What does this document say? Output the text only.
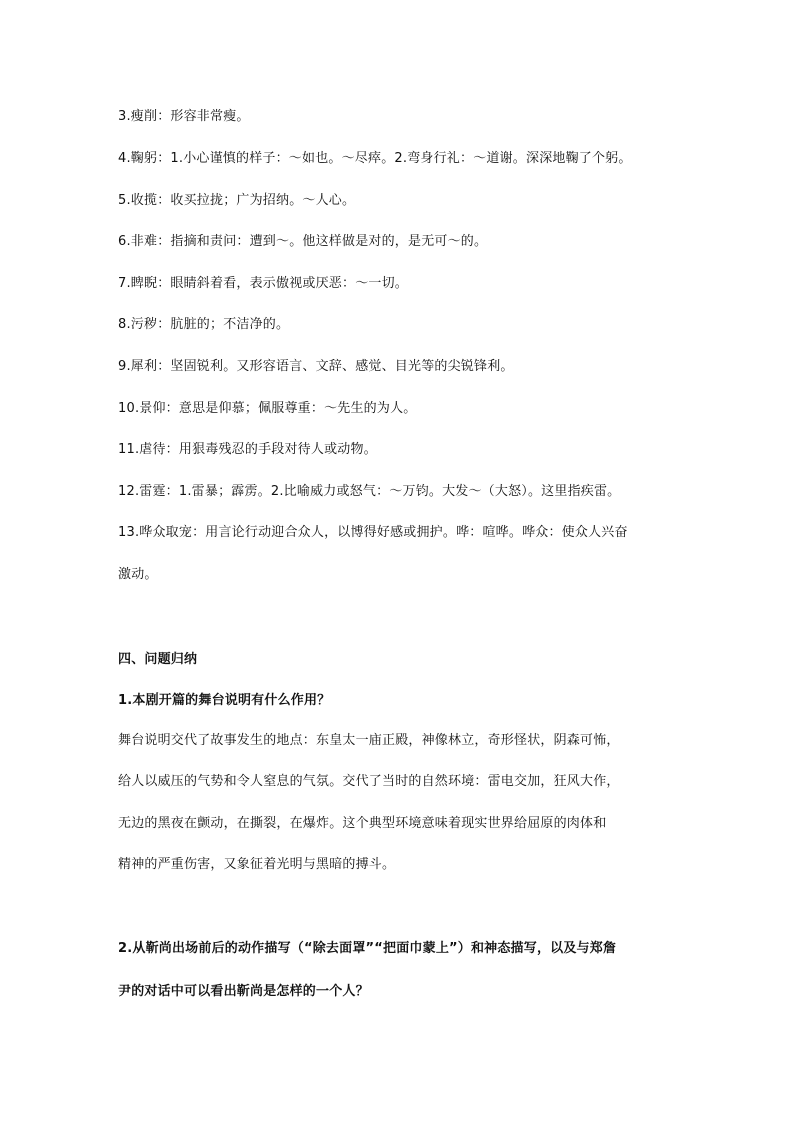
3.瘦削：形容非常瘦。
4.鞠躬：1.小心谨慎的样子：～如也。～尽瘁。2.弯身行礼：～道谢。深深地鞠了个躬。
5.收揽：收买拉拢；广为招纳。～人心。
6.非难：指摘和责问：遭到～。他这样做是对的，是无可～的。
7.睥睨：眼睛斜着看，表示傲视或厌恶：～一切。
8.污秽：肮脏的；不洁净的。
9.犀利：坚固锐利。又形容语言、文辞、感觉、目光等的尖锐锋利。
10.景仰：意思是仰慕；佩服尊重：～先生的为人。
11.虐待：用狠毒残忍的手段对待人或动物。
12.雷霆：1.雷暴；霹雳。2.比喻威力或怒气：～万钧。大发～（大怒）。这里指疾雷。
13.哗众取宠：用言论行动迎合众人，以博得好感或拥护。哗：喧哗。哗众：使众人兴奋
激动。
四、问题归纳
1.本剧开篇的舞台说明有什么作用？
舞台说明交代了故事发生的地点：东皇太一庙正殿，神像林立，奇形怪状，阴森可怖，
给人以威压的气势和令人窒息的气氛。交代了当时的自然环境：雷电交加，狂风大作，
无边的黑夜在颤动，在撕裂，在爆炸。这个典型环境意味着现实世界给屈原的肉体和
精神的严重伤害，又象征着光明与黑暗的搏斗。
2.从靳尚出场前后的动作描写（“除去面罩”“把面巾蒙上”）和神态描写，以及与郑詹
尹的对话中可以看出靳尚是怎样的一个人？
